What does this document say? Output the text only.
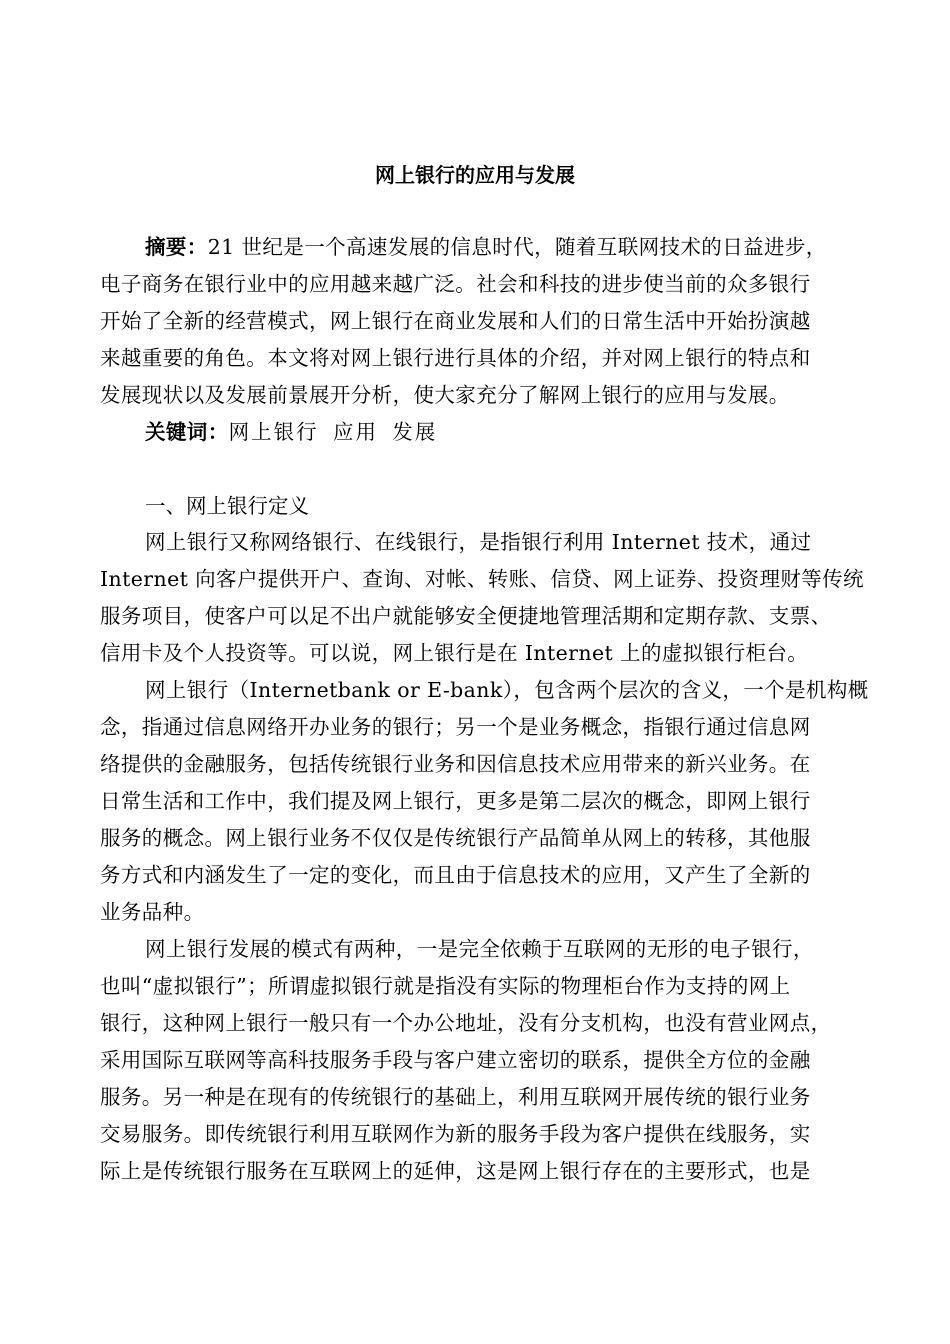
网上银行的应用与发展
摘要：21 世纪是一个高速发展的信息时代，随着互联网技术的日益进步，
电子商务在银行业中的应用越来越广泛。社会和科技的进步使当前的众多银行
开始了全新的经营模式，网上银行在商业发展和人们的日常生活中开始扮演越
来越重要的角色。本文将对网上银行进行具体的介绍，并对网上银行的特点和
发展现状以及发展前景展开分析，使大家充分了解网上银行的应用与发展。
关键词：网上银行 应用 发展
一、网上银行定义
网上银行又称网络银行、在线银行，是指银行利用 Internet 技术，通过
Internet 向客户提供开户、查询、对帐、转账、信贷、网上证券、投资理财等传统
服务项目，使客户可以足不出户就能够安全便捷地管理活期和定期存款、支票、
信用卡及个人投资等。可以说，网上银行是在 Internet 上的虚拟银行柜台。
网上银行（Internetbank or E-bank），包含两个层次的含义，一个是机构概
念，指通过信息网络开办业务的银行；另一个是业务概念，指银行通过信息网
络提供的金融服务，包括传统银行业务和因信息技术应用带来的新兴业务。在
日常生活和工作中，我们提及网上银行，更多是第二层次的概念，即网上银行
服务的概念。网上银行业务不仅仅是传统银行产品简单从网上的转移，其他服
务方式和内涵发生了一定的变化，而且由于信息技术的应用，又产生了全新的
业务品种。
网上银行发展的模式有两种，一是完全依赖于互联网的无形的电子银行，
也叫“虚拟银行”；所谓虚拟银行就是指没有实际的物理柜台作为支持的网上
银行，这种网上银行一般只有一个办公地址，没有分支机构，也没有营业网点，
采用国际互联网等高科技服务手段与客户建立密切的联系，提供全方位的金融
服务。另一种是在现有的传统银行的基础上，利用互联网开展传统的银行业务
交易服务。即传统银行利用互联网作为新的服务手段为客户提供在线服务，实
际上是传统银行服务在互联网上的延伸，这是网上银行存在的主要形式，也是
